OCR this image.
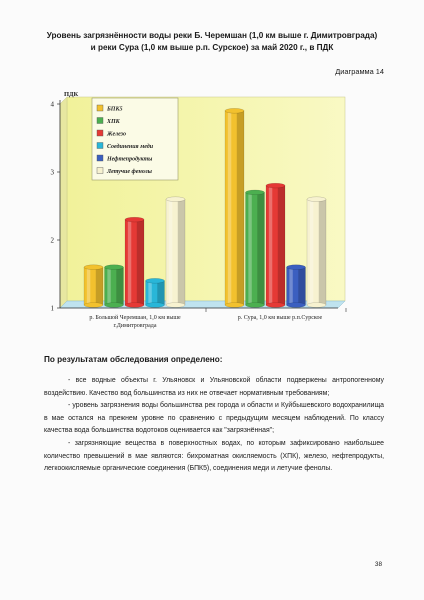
Уровень загрязнённости воды реки Б. Черемшан (1,0 км выше г. Димитровграда)
и реки Сура (1,0 км выше р.п. Сурское) за май 2020 г., в ПДК
Диаграмма 14
ПДК
1
2
3
4
р. Большой Черемшан, 1,0 км выше
г.Димитровграда
р. Сура, 1,0 км выше р.п.Сурское
БПК5
ХПК
Железо
Соединения меди
Нефтепродукты
Летучие фенолы
По результатам обследования определено:

- все водные объекты г. Ульяновск и Ульяновской области подвержены антропогенному воздействию. Качество вод большинства из них не отвечает нормативным требованиям;

- уровень загрязнения воды большинства рек города и области и Куйбышевского водохранилища в мае остался на прежнем уровне по сравнению с предыдущим месяцем наблюдений. По классу качества вода большинства водотоков оценивается как "загрязнённая";

- загрязняющие вещества в поверхностных водах, по которым зафиксировано наибольшее количество превышений в мае являются: бихроматная окисляемость (ХПК), железо, нефтепродукты, легкоокисляемые органические соединения (БПК5), соединения меди и летучие фенолы.

38
